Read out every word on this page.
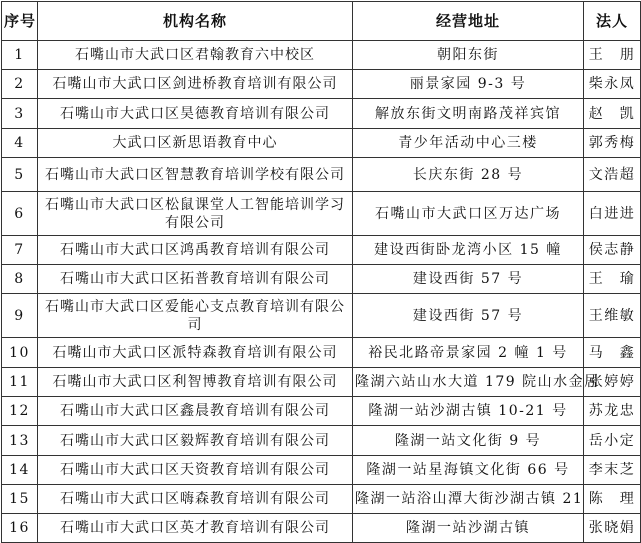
序号	机构名称	经营地址	法人
1	石嘴山市大武口区君翰教育六中校区	朝阳东街	王　朋
2	石嘴山市大武口区剑进桥教育培训有限公司	丽景家园 9-3 号	柴永凤
3	石嘴山市大武口区昊德教育培训有限公司	解放东街文明南路茂祥宾馆	赵　凯
4	大武口区新思语教育中心	青少年活动中心三楼	郭秀梅
5	石嘴山市大武口区智慧教育培训学校有限公司	长庆东街 28 号	文浩超
6	石嘴山市大武口区松鼠课堂人工智能培训学习有限公司	石嘴山市大武口区万达广场	白进进
7	石嘴山市大武口区鸿禹教育培训有限公司	建设西街卧龙湾小区 15 幢	侯志静
8	石嘴山市大武口区拓普教育培训有限公司	建设西街 57 号	王　瑜
9	石嘴山市大武口区爱能心支点教育培训有限公司	建设西街 57 号	王维敏
10	石嘴山市大武口区派特森教育培训有限公司	裕民北路帝景家园 2 幢 1 号	马　鑫
11	石嘴山市大武口区利智博教育培训有限公司	隆湖六站山水大道 179 院山水金居	张婷婷
12	石嘴山市大武口区鑫晨教育培训有限公司	隆湖一站沙湖古镇 10-21 号	苏龙忠
13	石嘴山市大武口区毅辉教育培训有限公司	隆湖一站文化街 9 号	岳小定
14	石嘴山市大武口区天资教育培训有限公司	隆湖一站星海镇文化街 66 号	李末芝
15	石嘴山市大武口区嗨森教育培训有限公司	隆湖一站浴山潭大街沙湖古镇 21	陈　理
16	石嘴山市大武口区英才教育培训有限公司	隆湖一站沙湖古镇	张晓娟
